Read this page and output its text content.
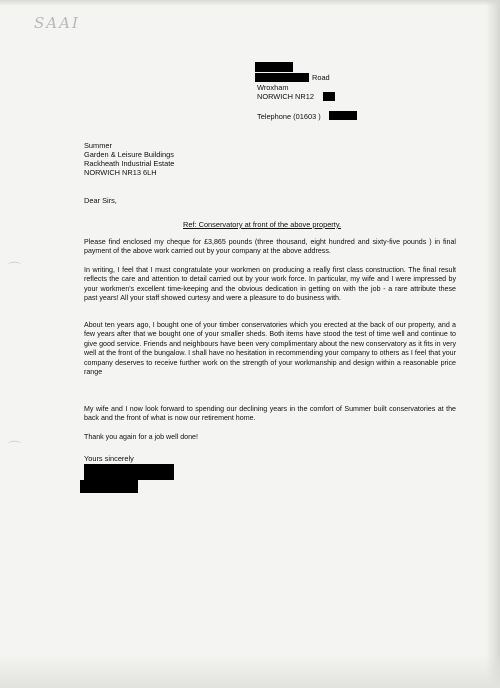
SAAI
⌒
⌒
Road
Wroxham
NORWICH NR12
Telephone (01603 )
Summer
Garden & Leisure Buildings
Rackheath Industrial Estate
NORWICH NR13 6LH
Dear Sirs,
Ref: Conservatory at front of the above property.
Please find enclosed my cheque for £3,865 pounds (three thousand, eight hundred and sixty-five pounds ) in final payment of the above work carried out by your company at the above address.
In writing, I feel that I must congratulate your workmen on producing a really first class construction. The final result reflects the care and attention to detail carried out by your work force. In particular, my wife and I were impressed by your workmen's excellent time-keeping and the obvious dedication in getting on with the job - a rare attribute these past years! All your staff showed curtesy and were a pleasure to do business with.
About ten years ago, I bought one of your timber conservatories which you erected at the back of our property, and a few years after that we bought one of your smaller sheds. Both items have stood the test of time well and continue to give good service. Friends and neighbours have been very complimentary about the new conservatory as it fits in very well at the front of the bungalow. I shall have no hesitation in recommending your company to others as I feel that your company deserves to receive further work on the strength of your workmanship and design within a reasonable price range
My wife and I now look forward to spending our declining years in the comfort of Summer built conservatories at the back and the front of what is now our retirement home.
Thank you again for a job well done!
Yours sincerely
